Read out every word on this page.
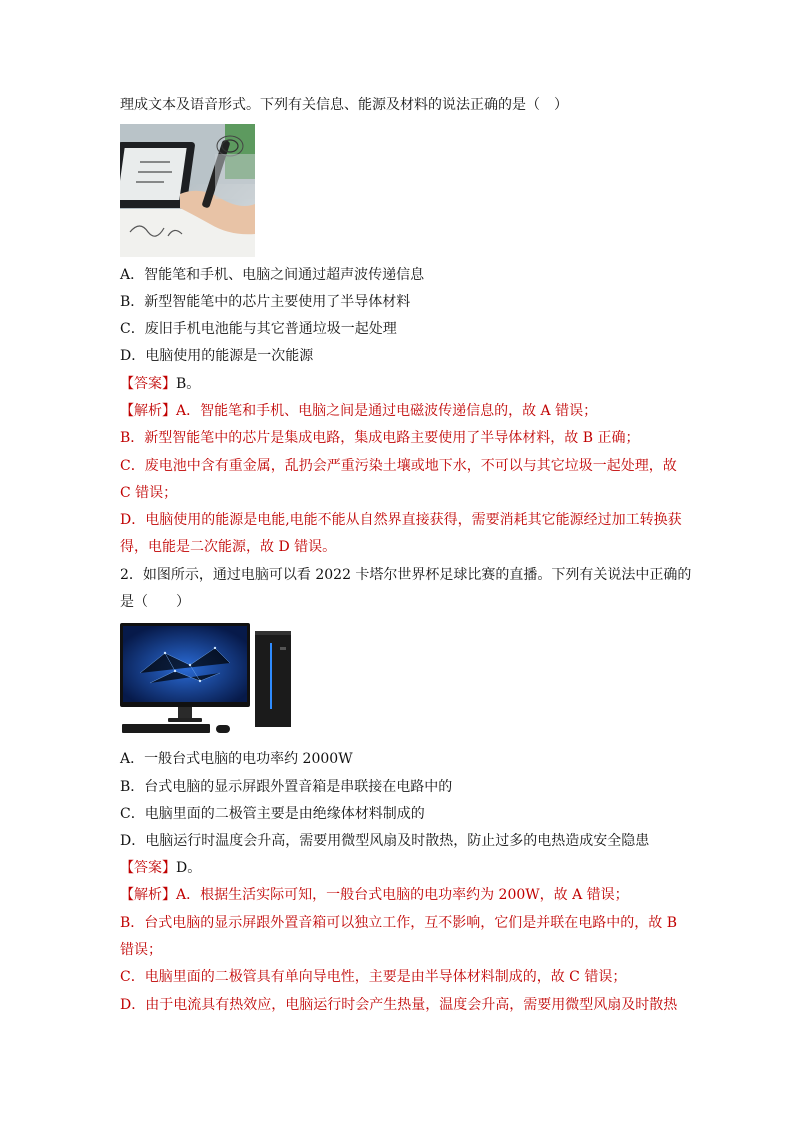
理成文本及语音形式。下列有关信息、能源及材料的说法正确的是（　）
A．智能笔和手机、电脑之间通过超声波传递信息
B．新型智能笔中的芯片主要使用了半导体材料
C．废旧手机电池能与其它普通垃圾一起处理
D．电脑使用的能源是一次能源
【答案】B。
【解析】A．智能笔和手机、电脑之间是通过电磁波传递信息的，故 A 错误；
B．新型智能笔中的芯片是集成电路，集成电路主要使用了半导体材料，故 B 正确；
C．废电池中含有重金属，乱扔会严重污染土壤或地下水，不可以与其它垃圾一起处理，故
C 错误；
D．电脑使用的能源是电能,电能不能从自然界直接获得，需要消耗其它能源经过加工转换获
得，电能是二次能源，故 D 错误。
2．如图所示，通过电脑可以看 2022 卡塔尔世界杯足球比赛的直播。下列有关说法中正确的
是（　　）
A．一般台式电脑的电功率约 2000W
B．台式电脑的显示屏跟外置音箱是串联接在电路中的
C．电脑里面的二极管主要是由绝缘体材料制成的
D．电脑运行时温度会升高，需要用微型风扇及时散热，防止过多的电热造成安全隐患
【答案】D。
【解析】A．根据生活实际可知，一般台式电脑的电功率约为 200W，故 A 错误；
B．台式电脑的显示屏跟外置音箱可以独立工作，互不影响，它们是并联在电路中的，故 B
错误；
C．电脑里面的二极管具有单向导电性，主要是由半导体材料制成的，故 C 错误；
D．由于电流具有热效应，电脑运行时会产生热量，温度会升高，需要用微型风扇及时散热
